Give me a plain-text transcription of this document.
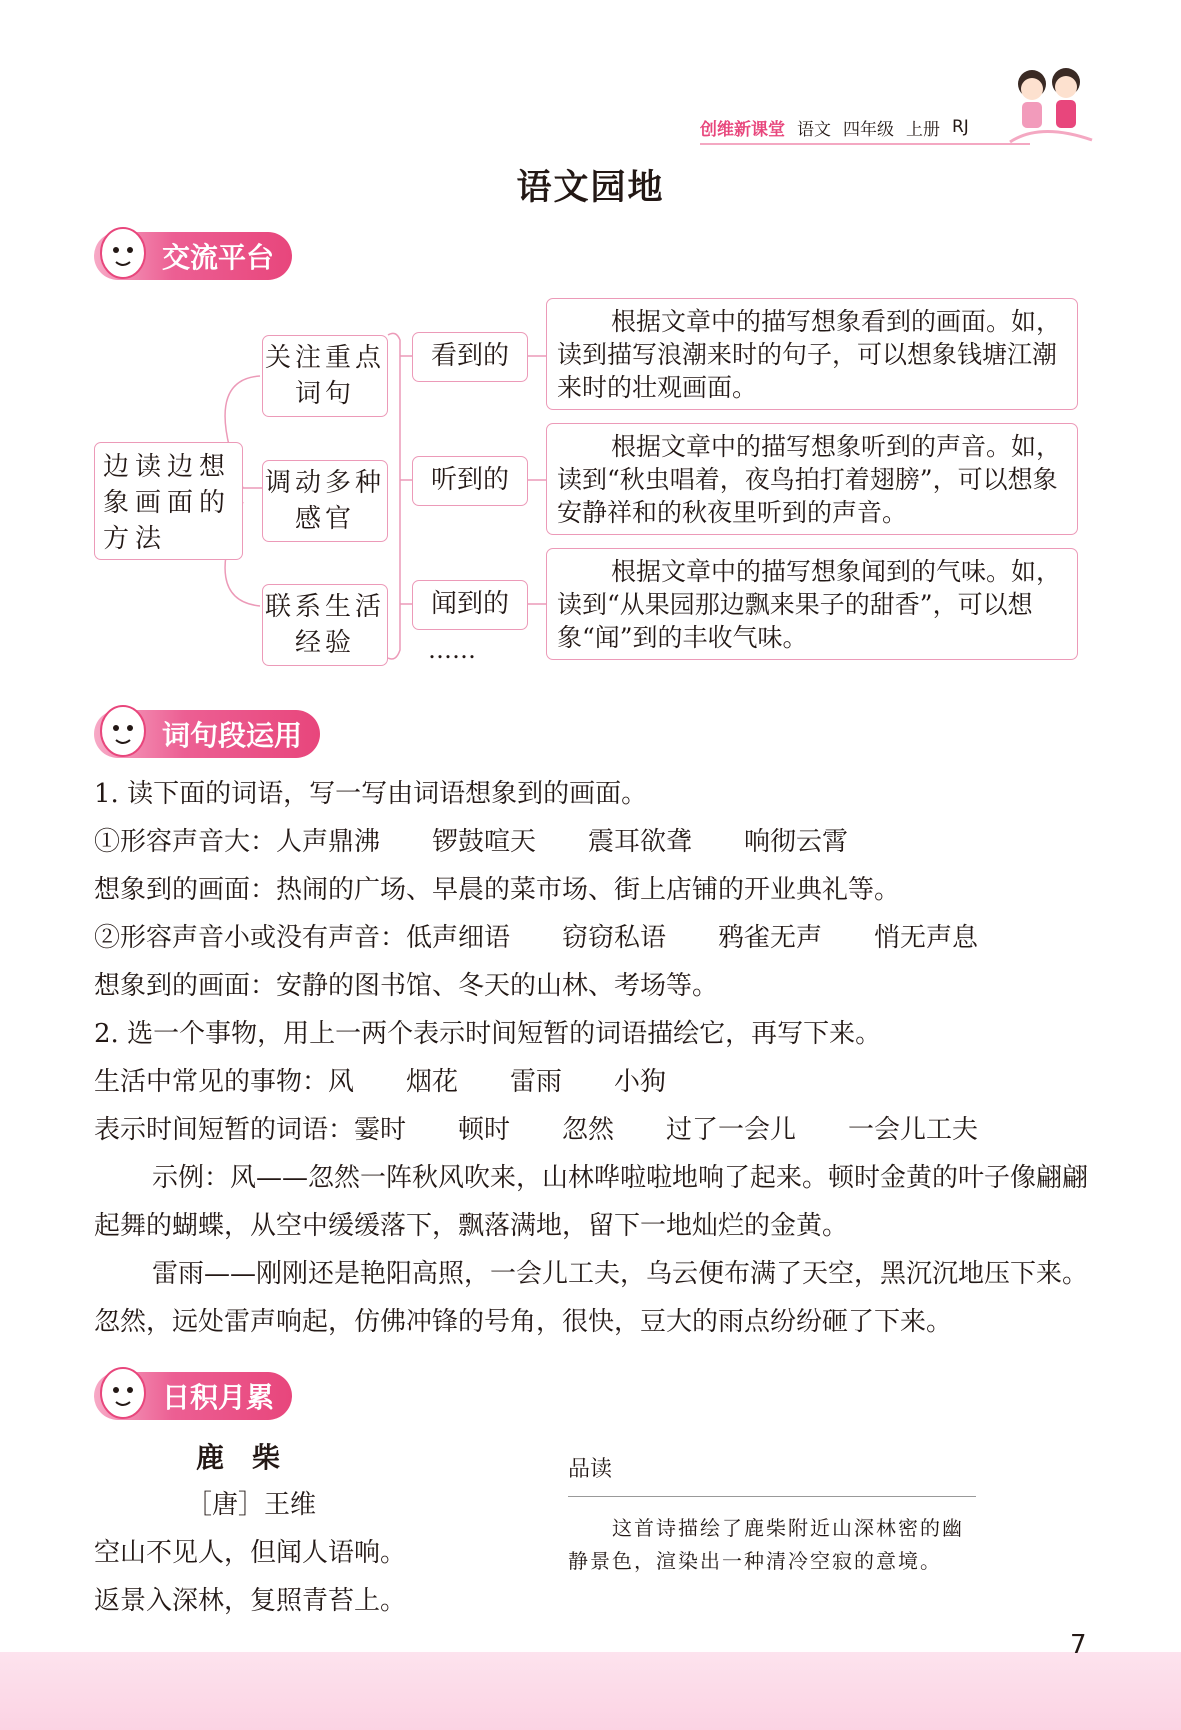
创维新课堂 语文 四年级 上册 RJ
语文园地
交流平台
边读边想象画面的方法
关注重点词句
调动多种感官
联系生活经验
看到的
听到的
闻到的
……
根据文章中的描写想象看到的画面。如，读到描写浪潮来时的句子，可以想象钱塘江潮来时的壮观画面。
根据文章中的描写想象听到的声音。如，读到“秋虫唱着，夜鸟拍打着翅膀”，可以想象安静祥和的秋夜里听到的声音。
根据文章中的描写想象闻到的气味。如，读到“从果园那边飘来果子的甜香”，可以想象“闻”到的丰收气味。
词句段运用
1. 读下面的词语，写一写由词语想象到的画面。
①形容声音大：人声鼎沸　　锣鼓喧天　　震耳欲聋　　响彻云霄
想象到的画面：热闹的广场、早晨的菜市场、街上店铺的开业典礼等。
②形容声音小或没有声音：低声细语　　窃窃私语　　鸦雀无声　　悄无声息
想象到的画面：安静的图书馆、冬天的山林、考场等。
2. 选一个事物，用上一两个表示时间短暂的词语描绘它，再写下来。
生活中常见的事物：风　　烟花　　雷雨　　小狗
表示时间短暂的词语：霎时　　顿时　　忽然　　过了一会儿　　一会儿工夫
示例：风——忽然一阵秋风吹来，山林哗啦啦地响了起来。顿时金黄的叶子像翩翩起舞的蝴蝶，从空中缓缓落下，飘落满地，留下一地灿烂的金黄。
雷雨——刚刚还是艳阳高照，一会儿工夫，乌云便布满了天空，黑沉沉地压下来。忽然，远处雷声响起，仿佛冲锋的号角，很快，豆大的雨点纷纷砸了下来。
日积月累
鹿　柴
［唐］王维
空山不见人，但闻人语响。
返景入深林，复照青苔上。
品读
这首诗描绘了鹿柴附近山深林密的幽静景色，渲染出一种清冷空寂的意境。
7
